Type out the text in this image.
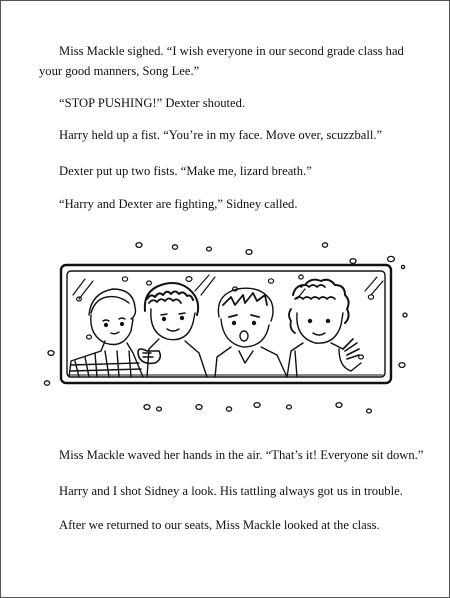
Miss Mackle sighed. “I wish everyone in our second grade class had
your good manners, Song Lee.”

“STOP PUSHING!” Dexter shouted.

Harry held up a fist. “You’re in my face. Move over, scuzzball.”

Dexter put up two fists. “Make me, lizard breath.”

“Harry and Dexter are fighting,” Sidney called.

Miss Mackle waved her hands in the air. “That’s it! Everyone sit down.”

Harry and I shot Sidney a look. His tattling always got us in trouble.

After we returned to our seats, Miss Mackle looked at the class.
